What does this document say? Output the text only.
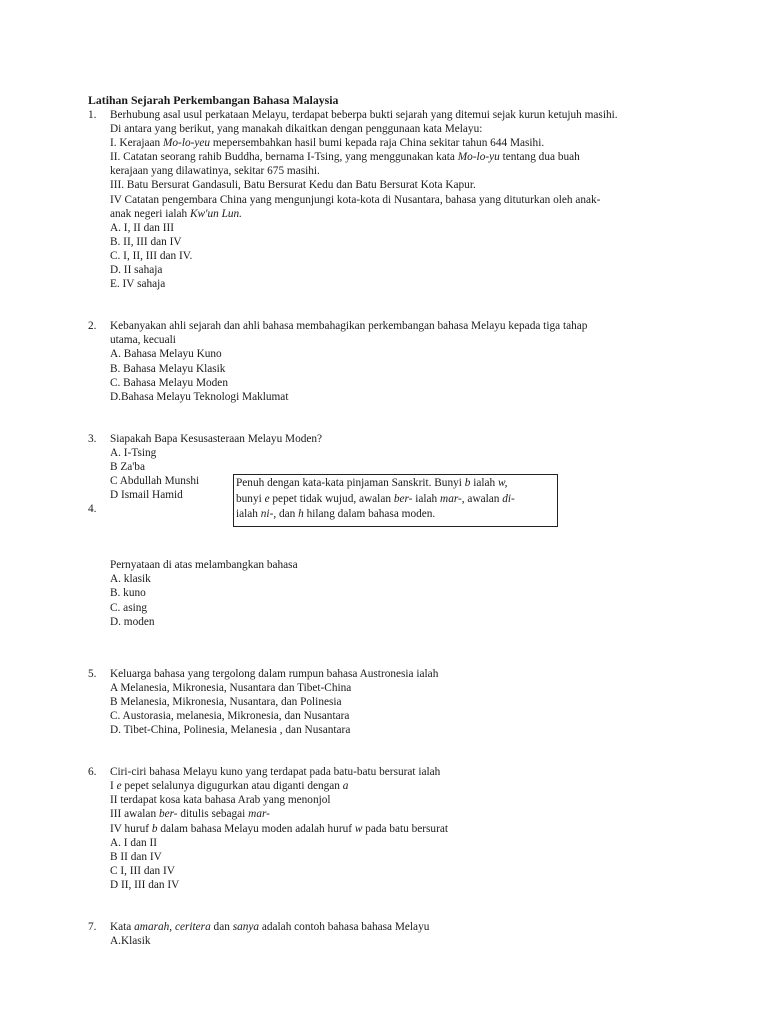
Latihan Sejarah Perkembangan Bahasa Malaysia
1. Berhubung asal usul perkataan Melayu, terdapat beberpa bukti sejarah yang ditemui sejak kurun ketujuh masihi.
Di antara yang berikut, yang manakah dikaitkan dengan penggunaan kata Melayu:
I. Kerajaan Mo-lo-yeu mepersembahkan hasil bumi kepada raja China sekitar tahun 644 Masihi.
II. Catatan seorang rahib Buddha, bernama I-Tsing, yang menggunakan kata Mo-lo-yu tentang dua buah
kerajaan yang dilawatinya, sekitar 675 masihi.
III. Batu Bersurat Gandasuli, Batu Bersurat Kedu dan Batu Bersurat Kota Kapur.
IV Catatan pengembara China yang mengunjungi kota-kota di Nusantara, bahasa yang dituturkan oleh anak-
anak negeri ialah Kw'un Lun.
A. I, II dan III
B. II, III dan IV
C. I, II, III dan IV.
D. II sahaja
E. IV sahaja
2. Kebanyakan ahli sejarah dan ahli bahasa membahagikan perkembangan bahasa Melayu kepada tiga tahap
utama, kecuali
A. Bahasa Melayu Kuno
B. Bahasa Melayu Klasik
C. Bahasa Melayu Moden
D.Bahasa Melayu Teknologi Maklumat
3. Siapakah Bapa Kesusasteraan Melayu Moden?
A. I-Tsing
B Za'ba
C Abdullah Munshi
D Ismail Hamid
4.
Pernyataan di atas melambangkan bahasa
A. klasik
B. kuno
C. asing
D. moden
5. Keluarga bahasa yang tergolong dalam rumpun bahasa Austronesia ialah
A Melanesia, Mikronesia, Nusantara dan Tibet-China
B Melanesia, Mikronesia, Nusantara, dan Polinesia
C. Austorasia, melanesia, Mikronesia, dan Nusantara
D. Tibet-China, Polinesia, Melanesia , dan Nusantara
6. Ciri-ciri bahasa Melayu kuno yang terdapat pada batu-batu bersurat ialah
I e pepet selalunya digugurkan atau diganti dengan a
II terdapat kosa kata bahasa Arab yang menonjol
III awalan ber- ditulis sebagai mar-
IV huruf b dalam bahasa Melayu moden adalah huruf w pada batu bersurat
A. I dan II
B II dan IV
C I, III dan IV
D II, III dan IV
7. Kata amarah, ceritera dan sanya adalah contoh bahasa bahasa Melayu
A.Klasik
Penuh dengan kata-kata pinjaman Sanskrit. Bunyi b ialah w,
bunyi e pepet tidak wujud, awalan ber- ialah mar-, awalan di-
ialah ni-, dan h hilang dalam bahasa moden.
